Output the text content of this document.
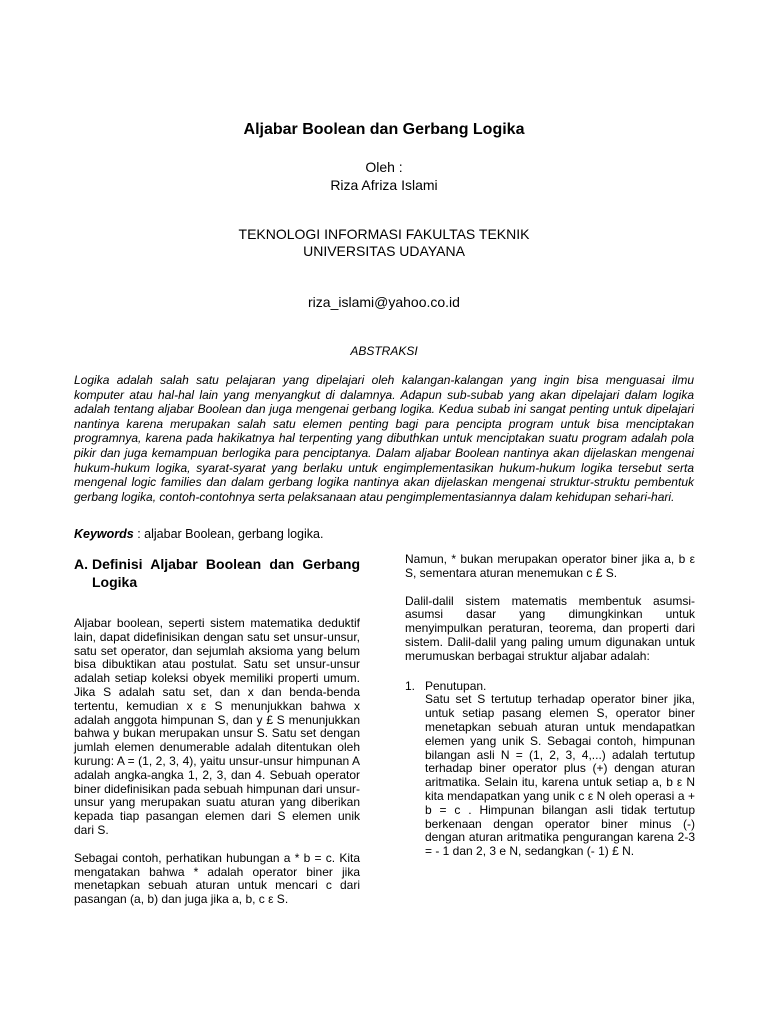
Aljabar Boolean dan Gerbang Logika
Oleh :
Riza Afriza Islami
TEKNOLOGI INFORMASI FAKULTAS TEKNIK
UNIVERSITAS UDAYANA
riza_islami@yahoo.co.id
ABSTRAKSI
Logika adalah salah satu pelajaran yang dipelajari oleh kalangan-kalangan yang ingin bisa menguasai ilmu komputer atau hal-hal lain yang menyangkut di dalamnya. Adapun sub-subab yang akan dipelajari dalam logika adalah tentang aljabar Boolean dan juga mengenai gerbang logika. Kedua subab ini sangat penting untuk dipelajari nantinya karena merupakan salah satu elemen penting bagi para pencipta program untuk bisa menciptakan programnya, karena pada hakikatnya hal terpenting yang dibuthkan untuk menciptakan suatu program adalah pola pikir dan juga kemampuan berlogika para penciptanya. Dalam aljabar Boolean nantinya akan dijelaskan mengenai hukum-hukum logika, syarat-syarat yang berlaku untuk engimplementasikan hukum-hukum logika tersebut serta mengenal logic families dan dalam gerbang logika nantinya akan dijelaskan mengenai struktur-struktu pembentuk gerbang logika, contoh-contohnya serta pelaksanaan atau pengimplementasiannya dalam kehidupan sehari-hari.
Keywords : aljabar Boolean, gerbang logika.
A. Definisi Aljabar Boolean dan Gerbang Logika

Aljabar boolean, seperti sistem matematika deduktif lain, dapat didefinisikan dengan satu set unsur-unsur, satu set operator, dan sejumlah aksioma yang belum bisa dibuktikan atau postulat. Satu set unsur-unsur adalah setiap koleksi obyek memiliki properti umum. Jika S adalah satu set, dan x dan benda-benda tertentu, kemudian x ε S menunjukkan bahwa x adalah anggota himpunan S, dan y £ S menunjukkan bahwa y bukan merupakan unsur S. Satu set dengan jumlah elemen denumerable adalah ditentukan oleh kurung: A = (1, 2, 3, 4), yaitu unsur-unsur himpunan A adalah angka-angka 1, 2, 3, dan 4. Sebuah operator biner didefinisikan pada sebuah himpunan dari unsur-unsur yang merupakan suatu aturan yang diberikan kepada tiap pasangan elemen dari S elemen unik dari S.

Sebagai contoh, perhatikan hubungan a * b = c. Kita mengatakan bahwa * adalah operator biner jika menetapkan sebuah aturan untuk mencari c dari pasangan (a, b) dan juga jika a, b, c ε S.

Namun, * bukan merupakan operator biner jika a, b ε S, sementara aturan menemukan c £ S.

Dalil-dalil sistem matematis membentuk asumsi-asumsi dasar yang dimungkinkan untuk menyimpulkan peraturan, teorema, dan properti dari sistem. Dalil-dalil yang paling umum digunakan untuk merumuskan berbagai struktur aljabar adalah:

1. Penutupan.
Satu set S tertutup terhadap operator biner jika, untuk setiap pasang elemen S, operator biner menetapkan sebuah aturan untuk mendapatkan elemen yang unik S. Sebagai contoh, himpunan bilangan asli N = (1, 2, 3, 4,...) adalah tertutup terhadap biner operator plus (+) dengan aturan aritmatika. Selain itu, karena untuk setiap a, b ε N kita mendapatkan yang unik c ε N oleh operasi a + b = c . Himpunan bilangan asli tidak tertutup berkenaan dengan operator biner minus (-) dengan aturan aritmatika pengurangan karena 2-3 = - 1 dan 2, 3 e N, sedangkan (- 1) £ N.
